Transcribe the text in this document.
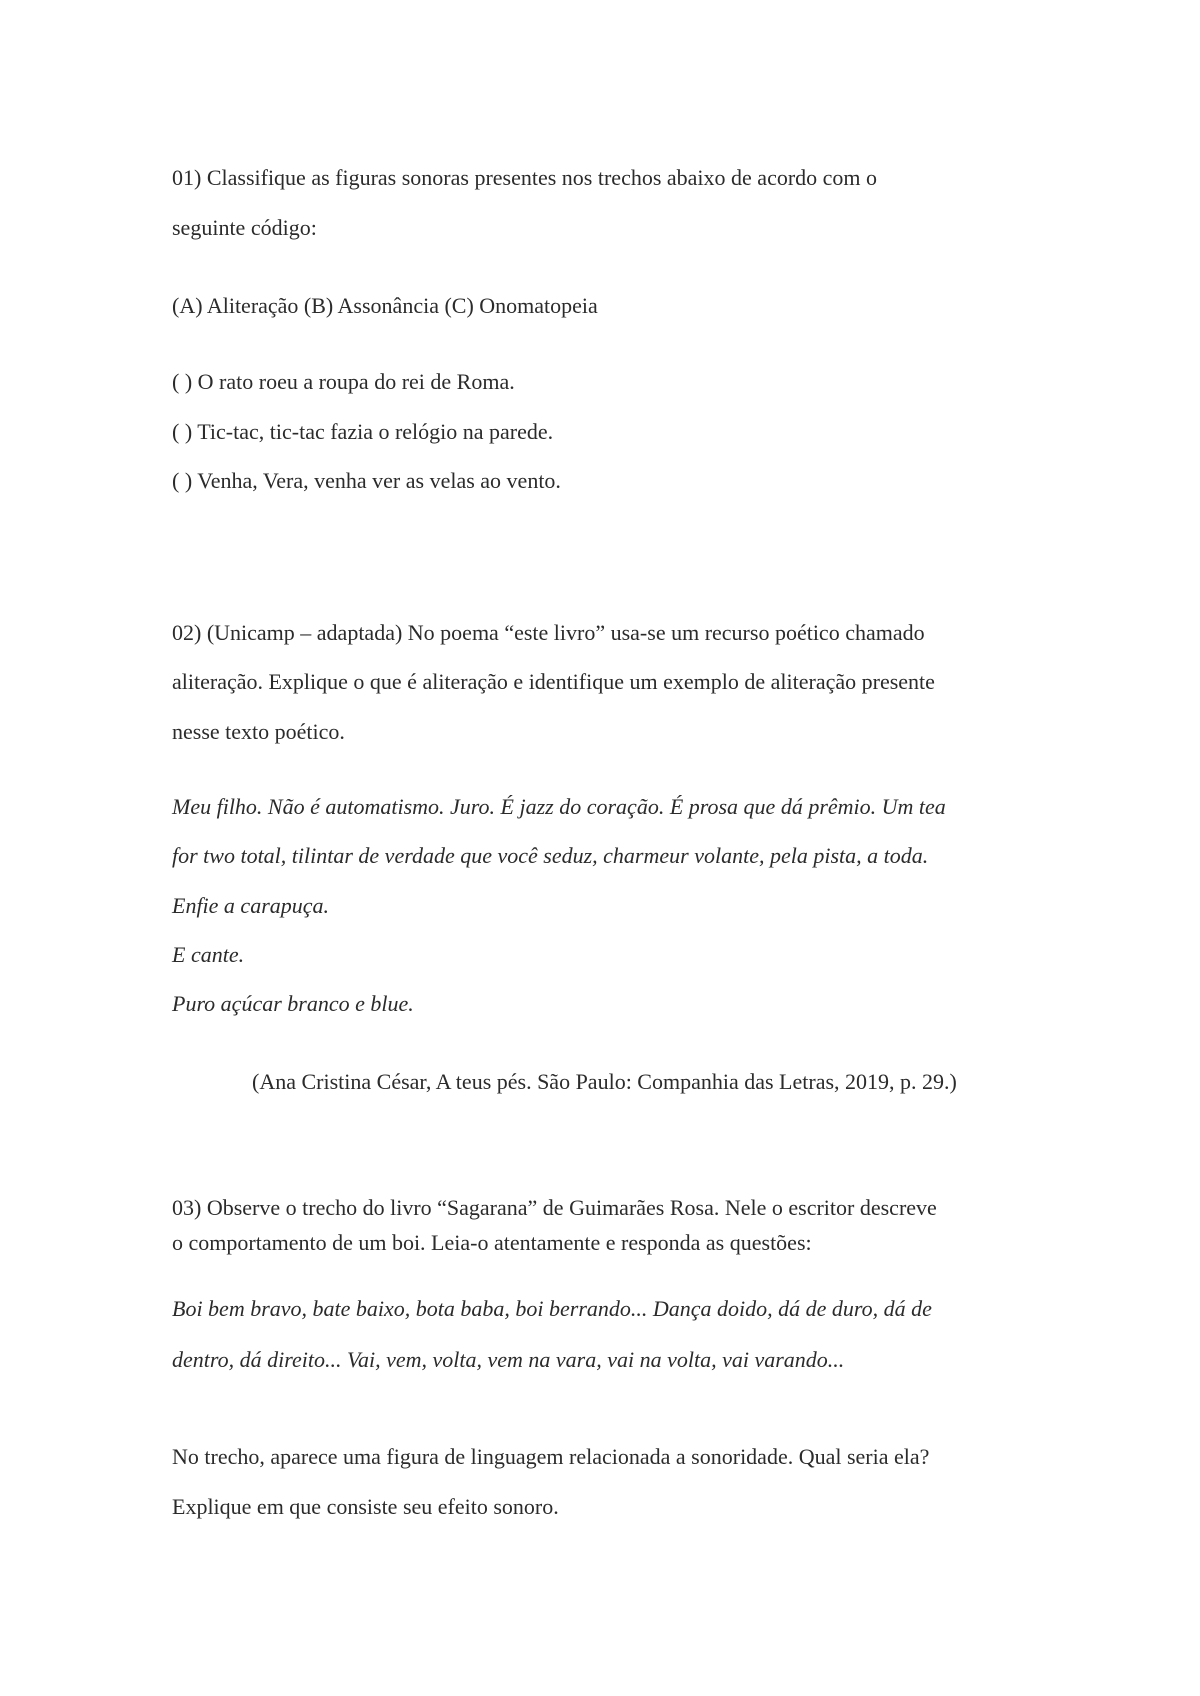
01) Classifique as figuras sonoras presentes nos trechos abaixo de acordo com o

seguinte código:

(A) Aliteração (B) Assonância (C) Onomatopeia

( ) O rato roeu a roupa do rei de Roma.

( ) Tic-tac, tic-tac fazia o relógio na parede.

( ) Venha, Vera, venha ver as velas ao vento.

02) (Unicamp – adaptada) No poema “este livro” usa-se um recurso poético chamado

aliteração. Explique o que é aliteração e identifique um exemplo de aliteração presente

nesse texto poético.

Meu filho. Não é automatismo. Juro. É jazz do coração. É prosa que dá prêmio. Um tea

for two total, tilintar de verdade que você seduz, charmeur volante, pela pista, a toda.

Enfie a carapuça.

E cante.

Puro açúcar branco e blue.

(Ana Cristina César, A teus pés. São Paulo: Companhia das Letras, 2019, p. 29.)

03) Observe o trecho do livro “Sagarana” de Guimarães Rosa. Nele o escritor descreve

o comportamento de um boi. Leia-o atentamente e responda as questões:

Boi bem bravo, bate baixo, bota baba, boi berrando... Dança doido, dá de duro, dá de

dentro, dá direito... Vai, vem, volta, vem na vara, vai na volta, vai varando...

No trecho, aparece uma figura de linguagem relacionada a sonoridade. Qual seria ela?

Explique em que consiste seu efeito sonoro.
